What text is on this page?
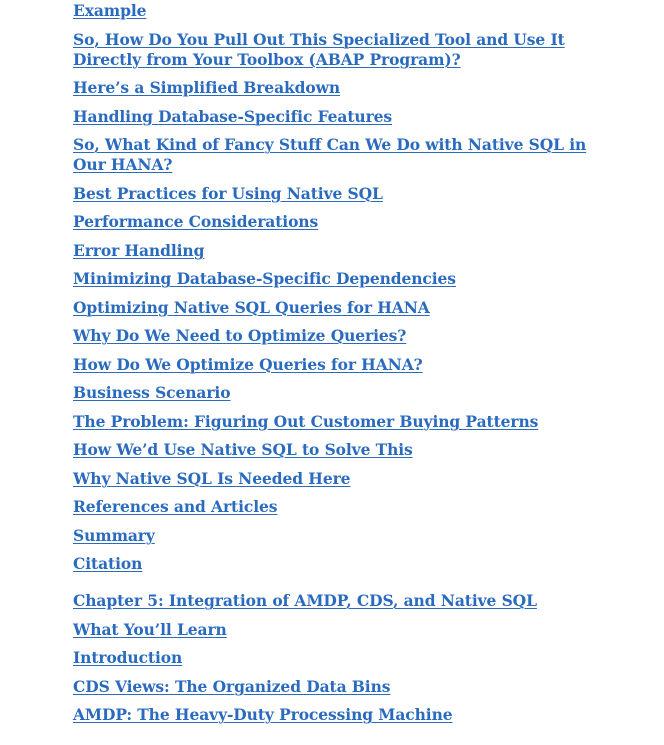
Example
So, How Do You Pull Out This Specialized Tool and Use It Directly from Your Toolbox (ABAP Program)?
Here’s a Simplified Breakdown
Handling Database-Specific Features
So, What Kind of Fancy Stuff Can We Do with Native SQL in Our HANA?
Best Practices for Using Native SQL
Performance Considerations
Error Handling
Minimizing Database-Specific Dependencies
Optimizing Native SQL Queries for HANA
Why Do We Need to Optimize Queries?
How Do We Optimize Queries for HANA?
Business Scenario
The Problem: Figuring Out Customer Buying Patterns
How We’d Use Native SQL to Solve This
Why Native SQL Is Needed Here
References and Articles
Summary
Citation
Chapter 5: Integration of AMDP, CDS, and Native SQL
What You’ll Learn
Introduction
CDS Views: The Organized Data Bins
AMDP: The Heavy-Duty Processing Machine
